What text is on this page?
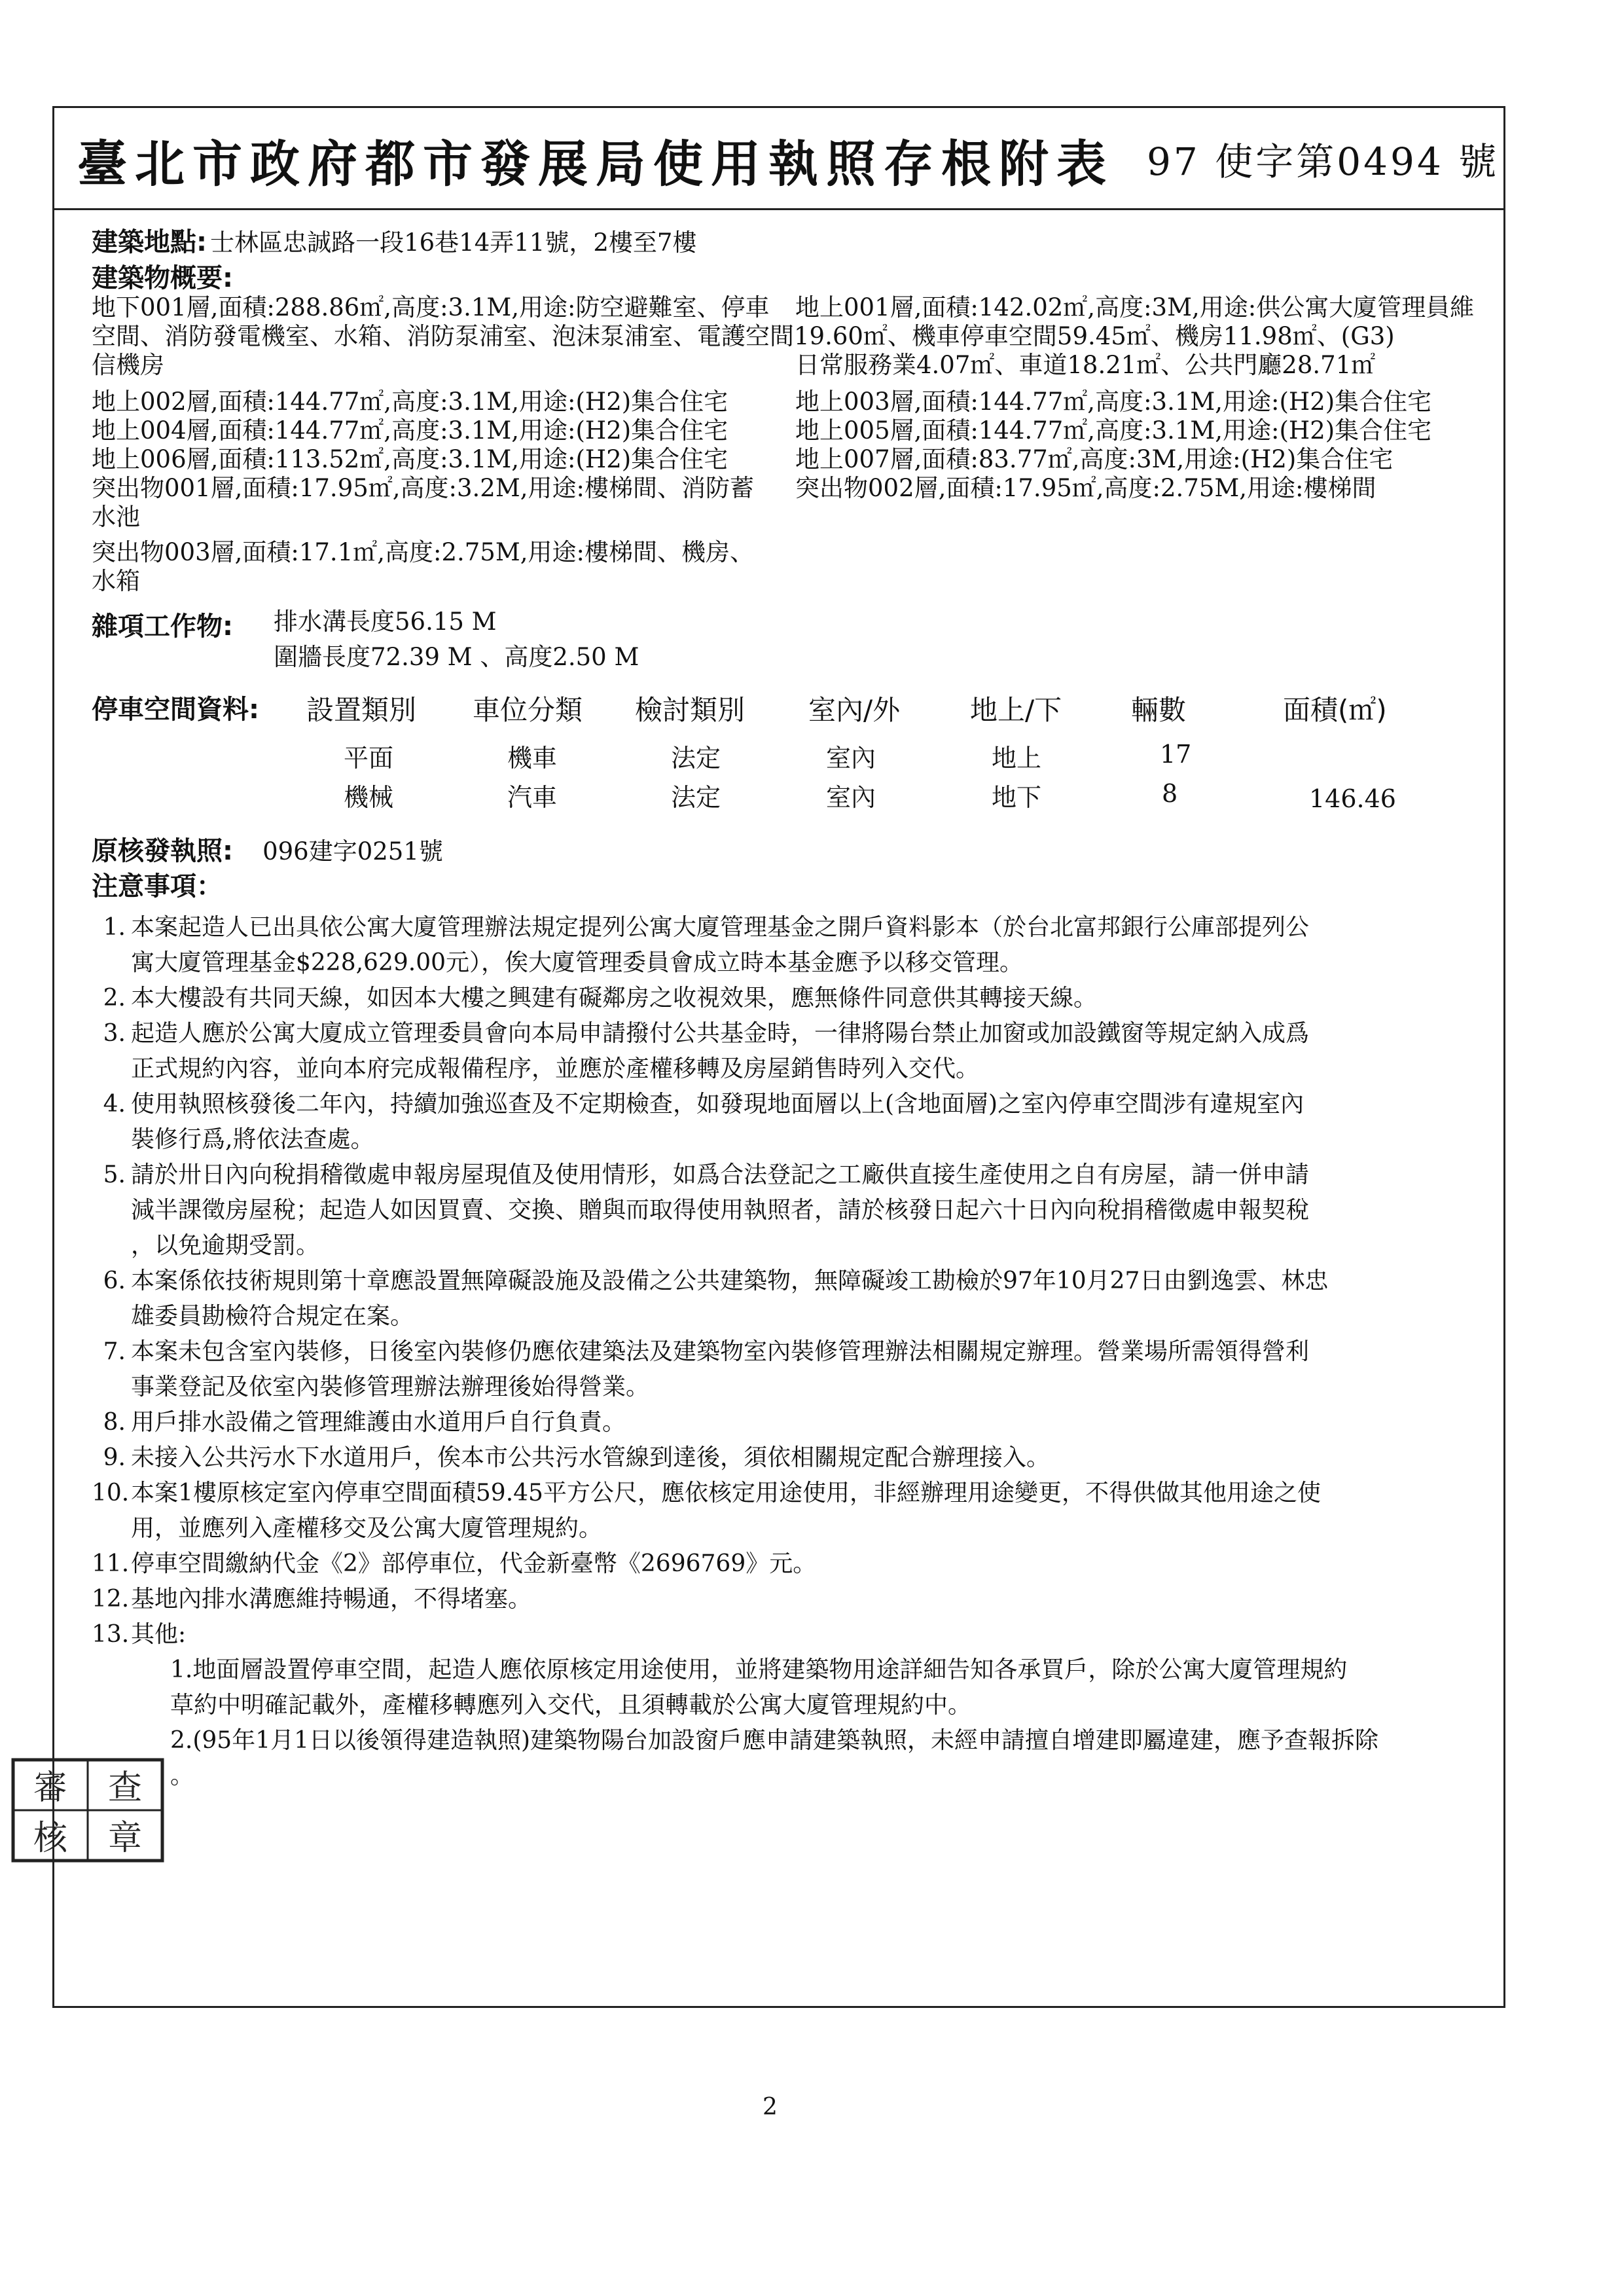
臺北市政府都市發展局使用執照存根附表 97 使字第0494 號
建築地點: 士林區忠誠路一段16巷14弄11號，2樓至7樓
建築物概要:
地下001層,面積:288.86㎡,高度:3.1M,用途:防空避難室、停車
空間、消防發電機室、水箱、消防泵浦室、泡沫泵浦室、電護空間19.60㎡、機車停車空間59.45㎡、機房11.98㎡、(G3)
信機房
地上002層,面積:144.77㎡,高度:3.1M,用途:(H2)集合住宅
地上004層,面積:144.77㎡,高度:3.1M,用途:(H2)集合住宅
地上006層,面積:113.52㎡,高度:3.1M,用途:(H2)集合住宅
突出物001層,面積:17.95㎡,高度:3.2M,用途:樓梯間、消防蓄
水池
突出物003層,面積:17.1㎡,高度:2.75M,用途:樓梯間、機房、
水箱
地上001層,面積:142.02㎡,高度:3M,用途:供公寓大廈管理員維
日常服務業4.07㎡、車道18.21㎡、公共門廳28.71㎡
地上003層,面積:144.77㎡,高度:3.1M,用途:(H2)集合住宅
地上005層,面積:144.77㎡,高度:3.1M,用途:(H2)集合住宅
地上007層,面積:83.77㎡,高度:3M,用途:(H2)集合住宅
突出物002層,面積:17.95㎡,高度:2.75M,用途:樓梯間
雜項工作物: 排水溝長度56.15 M
圍牆長度72.39 M 、高度2.50 M
停車空間資料: 設置類別 車位分類 檢討類別 室內/外	地上/下	輛數	面積(㎡)
平面	機車	法定	室內	地上	17
機械	汽車	法定	室內	地下	8	146.46
原核發執照: 096建字0251號
注意事項：
1. 本案起造人已出具依公寓大廈管理辦法規定提列公寓大廈管理基金之開戶資料影本（於台北富邦銀行公庫部提列公
寓大廈管理基金$228,629.00元），俟大廈管理委員會成立時本基金應予以移交管理。
2. 本大樓設有共同天線，如因本大樓之興建有礙鄰房之收視效果，應無條件同意供其轉接天線。
3. 起造人應於公寓大廈成立管理委員會向本局申請撥付公共基金時，一律將陽台禁止加窗或加設鐵窗等規定納入成爲
正式規約內容，並向本府完成報備程序，並應於產權移轉及房屋銷售時列入交代。
4. 使用執照核發後二年內，持續加強巡查及不定期檢查，如發現地面層以上(含地面層)之室內停車空間涉有違規室內
裝修行爲,將依法查處。
5. 請於卅日內向稅捐稽徵處申報房屋現值及使用情形，如爲合法登記之工廠供直接生產使用之自有房屋，請一併申請
減半課徵房屋稅；起造人如因買賣、交換、贈與而取得使用執照者，請於核發日起六十日內向稅捐稽徵處申報契稅
，以免逾期受罰。
6. 本案係依技術規則第十章應設置無障礙設施及設備之公共建築物，無障礙竣工勘檢於97年10月27日由劉逸雲、林忠
雄委員勘檢符合規定在案。
7. 本案未包含室內裝修，日後室內裝修仍應依建築法及建築物室內裝修管理辦法相關規定辦理。營業場所需領得營利
事業登記及依室內裝修管理辦法辦理後始得營業。
8. 用戶排水設備之管理維護由水道用戶自行負責。
9. 未接入公共污水下水道用戶，俟本市公共污水管線到達後，須依相關規定配合辦理接入。
10. 本案1樓原核定室內停車空間面積59.45平方公尺，應依核定用途使用，非經辦理用途變更，不得供做其他用途之使
用，並應列入產權移交及公寓大廈管理規約。
11. 停車空間繳納代金《2》部停車位，代金新臺幣《2696769》元。
12. 基地內排水溝應維持暢通，不得堵塞。
13. 其他:
1.地面層設置停車空間，起造人應依原核定用途使用，並將建築物用途詳細告知各承買戶，除於公寓大廈管理規約
草約中明確記載外，產權移轉應列入交代，且須轉載於公寓大廈管理規約中。
2.(95年1月1日以後領得建造執照)建築物陽台加設窗戶應申請建築執照，未經申請擅自增建即屬違建，應予查報拆除
。
審 查
核 章
2
